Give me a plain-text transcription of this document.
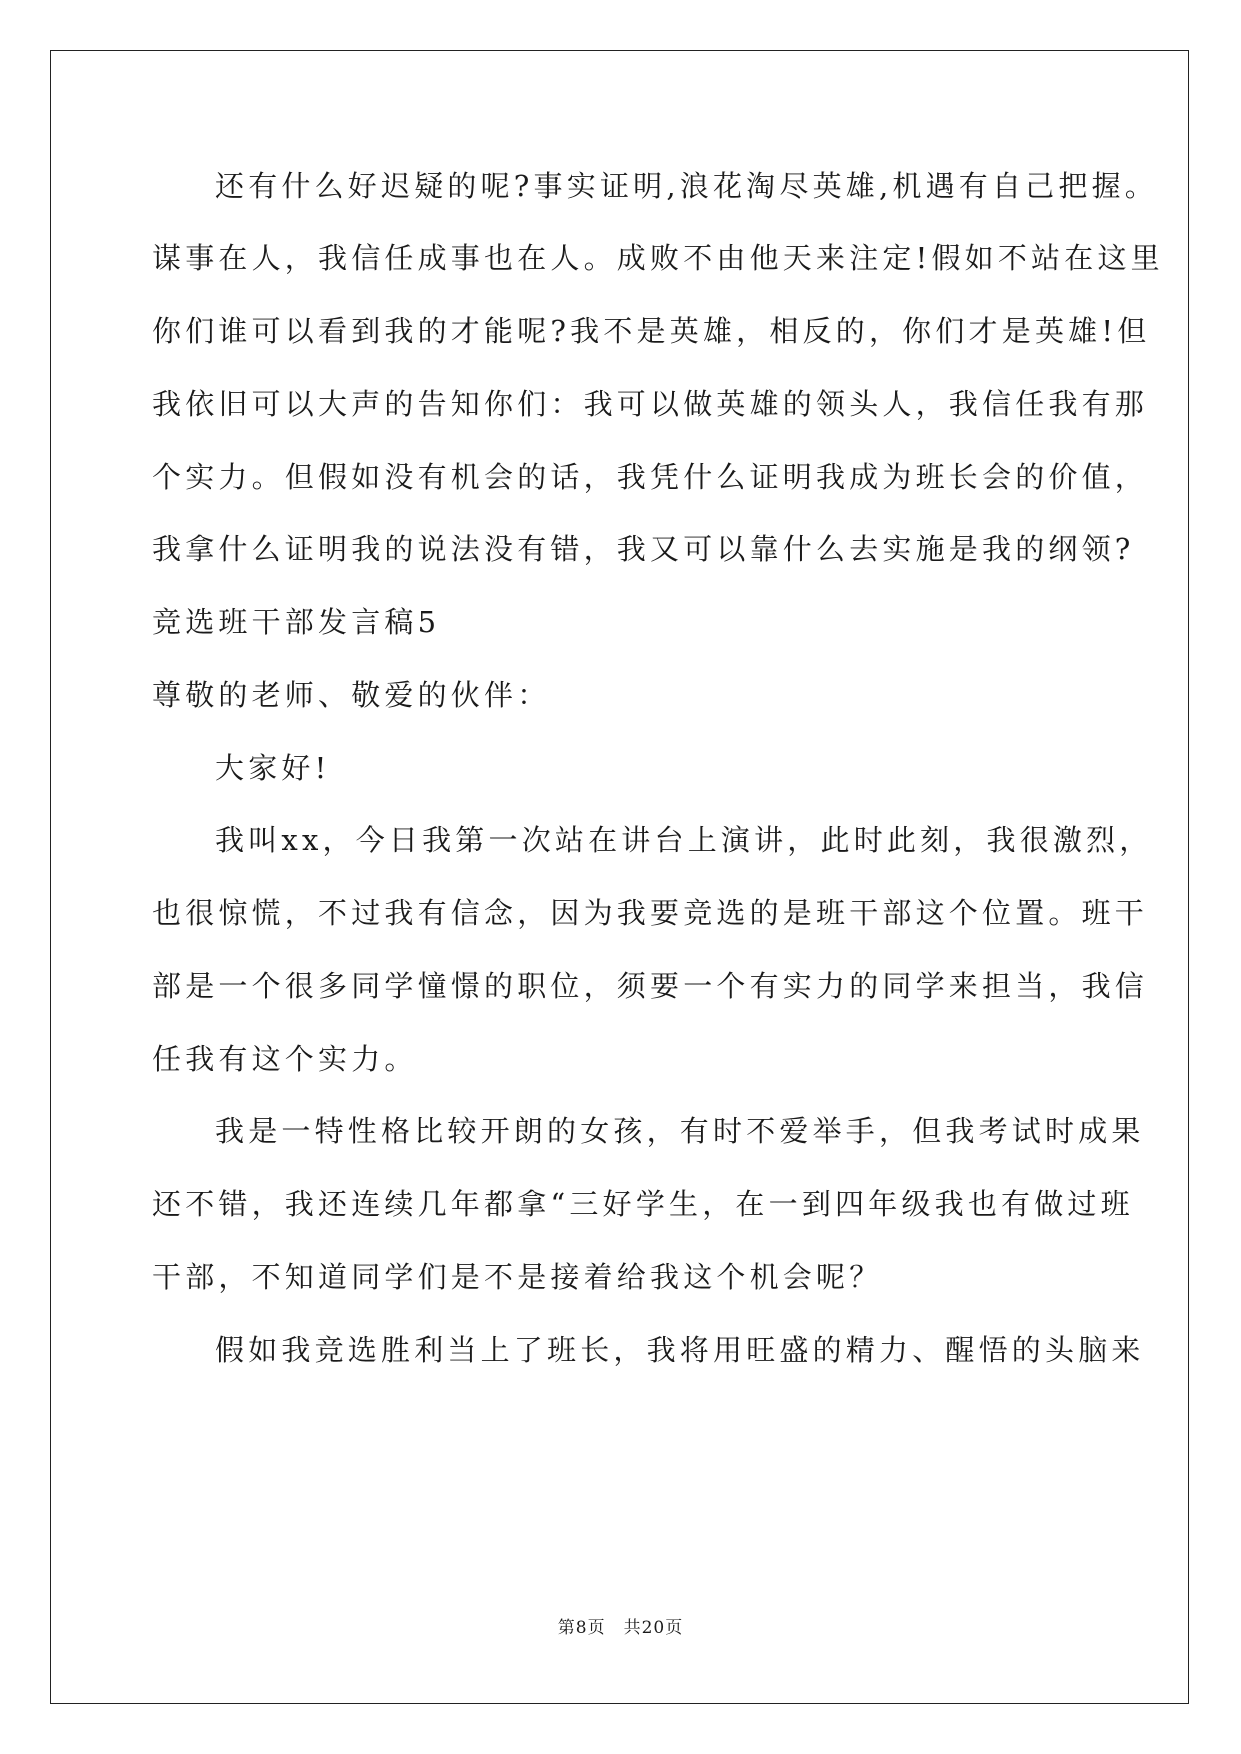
还有什么好迟疑的呢?事实证明,浪花淘尽英雄,机遇有自己把握。
谋事在人，我信任成事也在人。成败不由他天来注定!假如不站在这里
你们谁可以看到我的才能呢?我不是英雄，相反的，你们才是英雄!但
我依旧可以大声的告知你们：我可以做英雄的领头人，我信任我有那
个实力。但假如没有机会的话，我凭什么证明我成为班长会的价值，
我拿什么证明我的说法没有错，我又可以靠什么去实施是我的纲领?
竞选班干部发言稿5
尊敬的老师、敬爱的伙伴：
大家好!
我叫xx，今日我第一次站在讲台上演讲，此时此刻，我很激烈，
也很惊慌，不过我有信念，因为我要竞选的是班干部这个位置。班干
部是一个很多同学憧憬的职位，须要一个有实力的同学来担当，我信
任我有这个实力。
我是一特性格比较开朗的女孩，有时不爱举手，但我考试时成果
还不错，我还连续几年都拿“三好学生，在一到四年级我也有做过班
干部，不知道同学们是不是接着给我这个机会呢？
假如我竞选胜利当上了班长，我将用旺盛的精力、醒悟的头脑来
第8页　共20页
